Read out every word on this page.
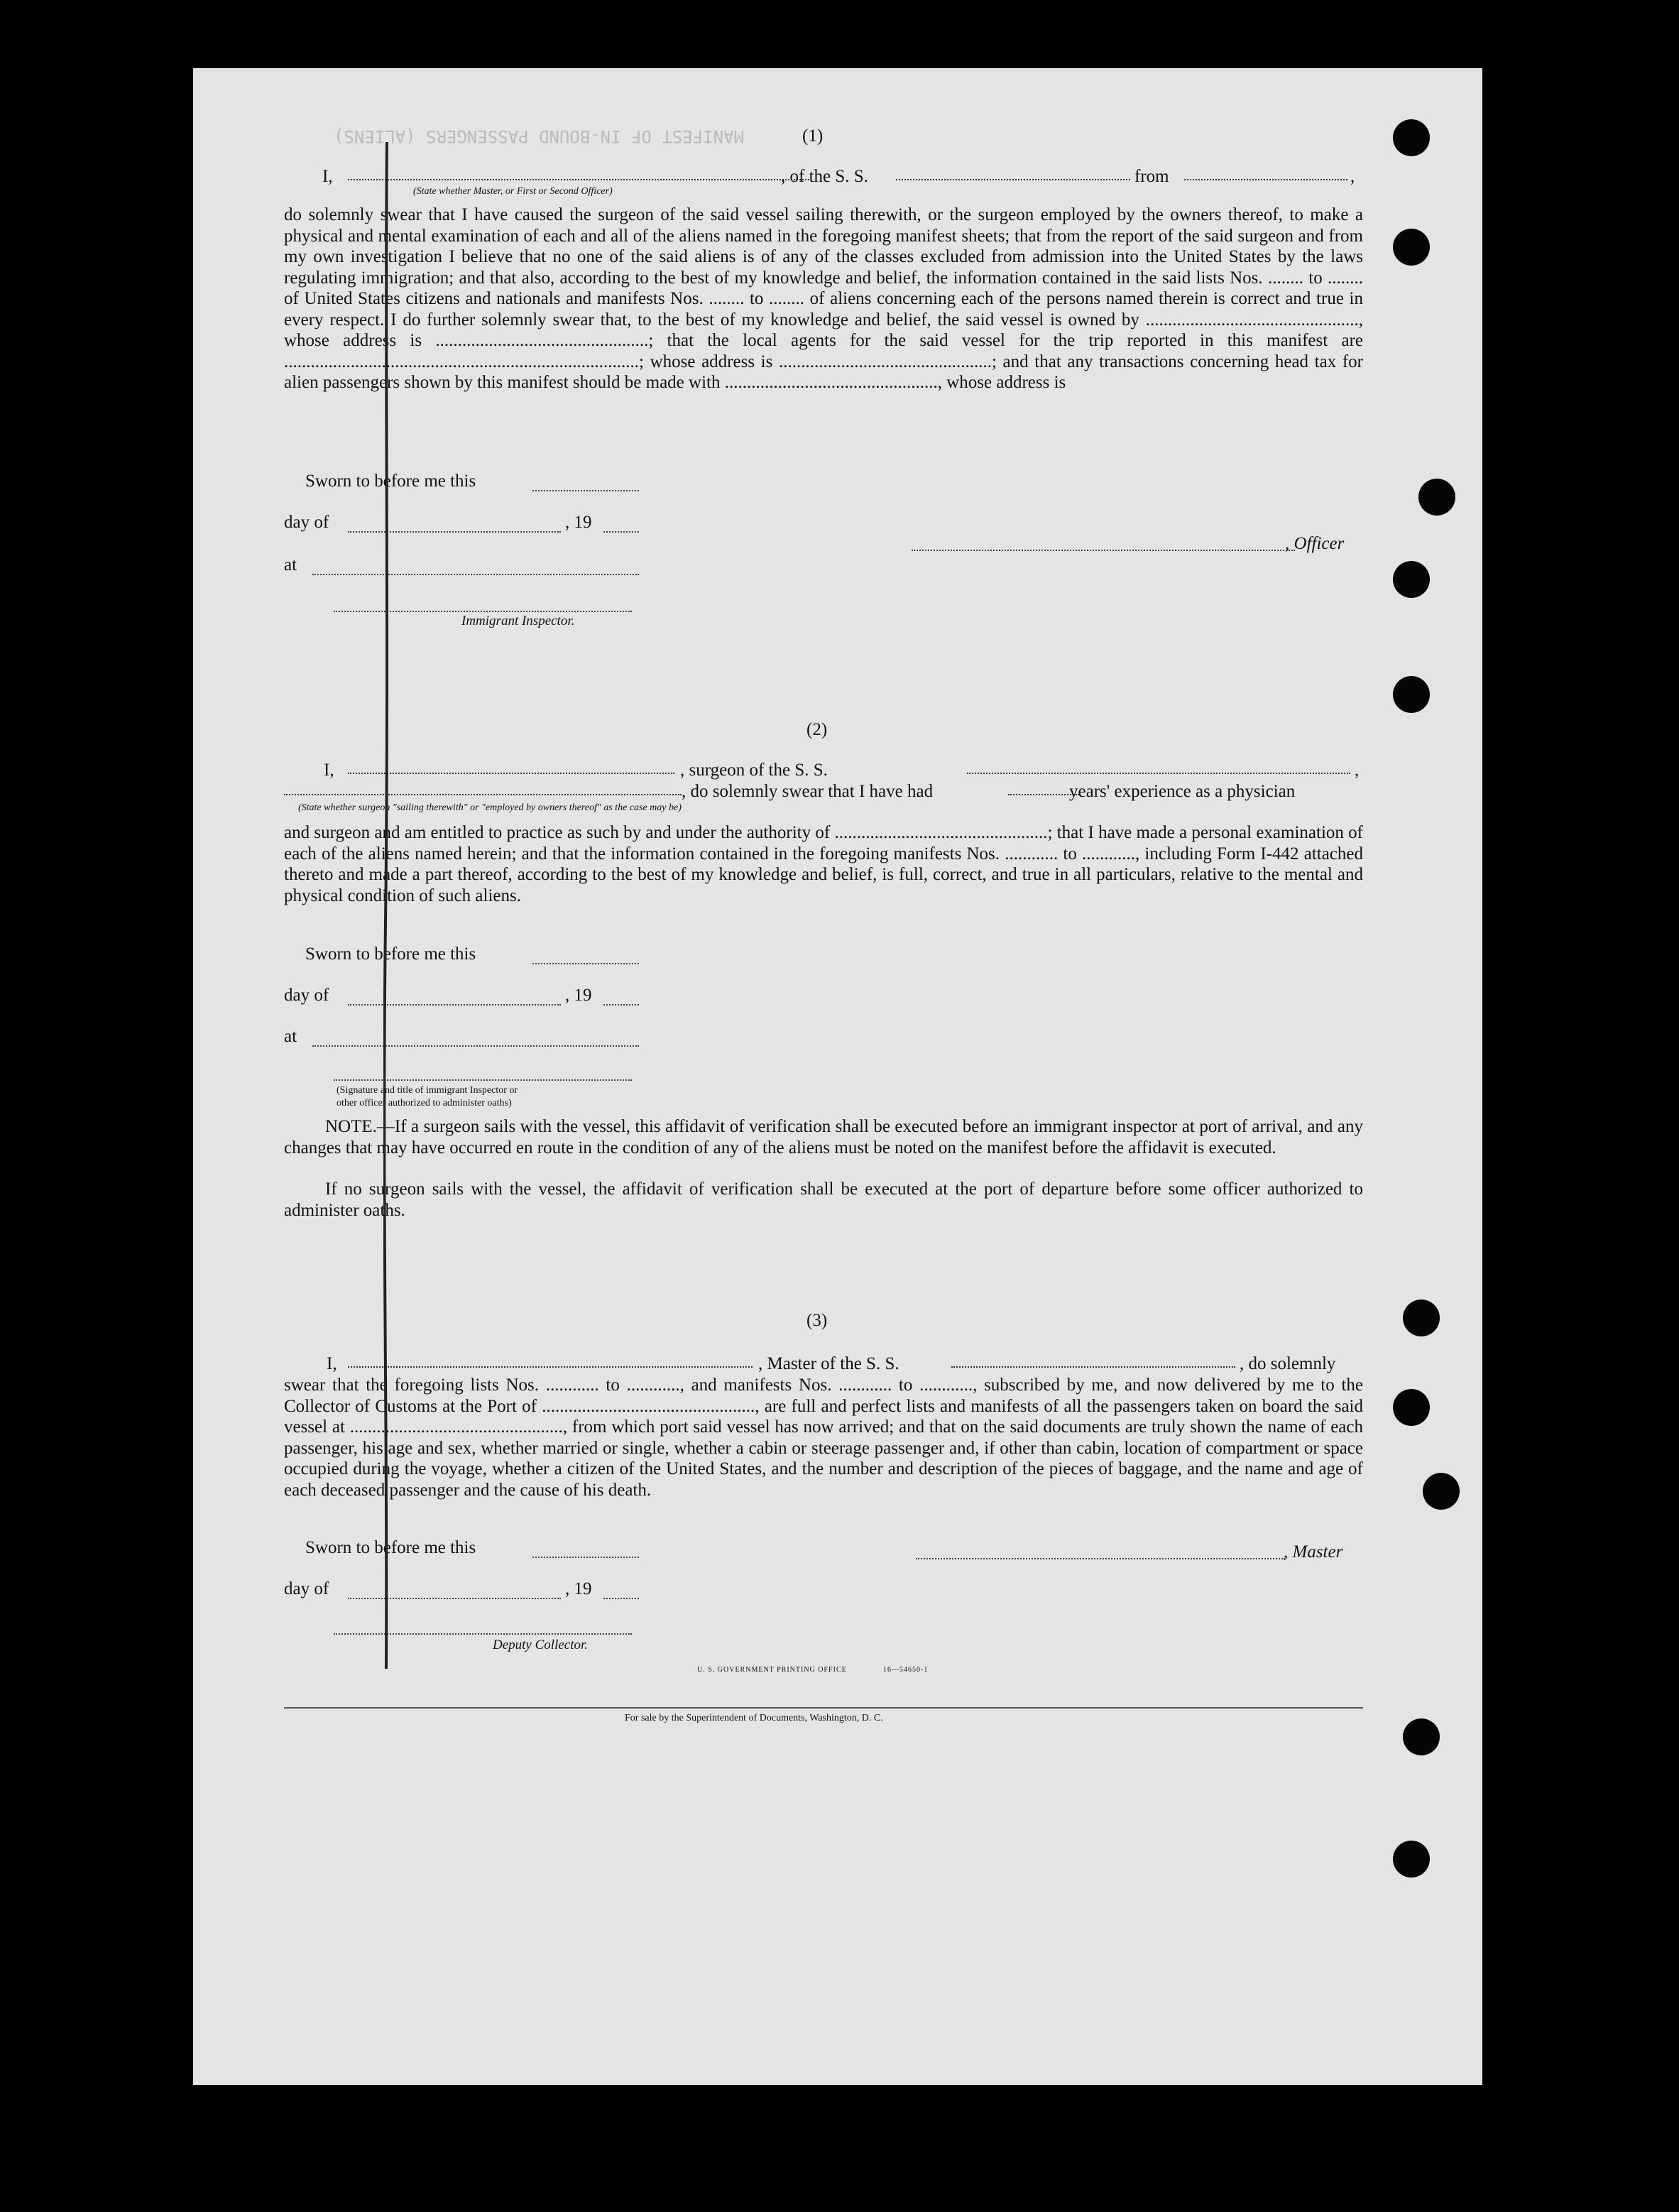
MANIFEST OF IN-BOUND PASSENGERS (ALIENS)	(1)
I,	, of the S. S.	from	,
(State whether Master, or First or Second Officer)
do solemnly swear that I have caused the surgeon of the said vessel sailing therewith, or the surgeon employed by the owners thereof, to make a physical and mental examination of each and all of the aliens named in the foregoing manifest sheets; that from the report of the said surgeon and from my own investigation I believe that no one of the said aliens is of any of the classes excluded from admission into the United States by the laws regulating immigration; and that also, according to the best of my knowledge and belief, the information contained in the said lists Nos. ........ to ........ of United States citizens and nationals and manifests Nos. ........ to ........ of aliens concerning each of the persons named therein is correct and true in every respect. I do further solemnly swear that, to the best of my knowledge and belief, the said vessel is owned by ................................................, whose address is ................................................; that the local agents for the said vessel for the trip reported in this manifest are ................................................................................; whose address is ................................................; and that any transactions concerning head tax for alien passengers shown by this manifest should be made with ................................................, whose address is
Sworn to before me this
day of	, 19
, Officer
at
Immigrant Inspector.
(2)
I,	, surgeon of the S. S.	,
, do solemnly swear that I have had	years' experience as a physician
(State whether surgeon "sailing therewith" or "employed by owners thereof" as the case may be)
and surgeon and am entitled to practice as such by and under the authority of ................................................; that I have made a personal examination of each of the aliens named herein; and that the information contained in the foregoing manifests Nos. ............ to ............, including Form I-442 attached thereto and made a part thereof, according to the best of my knowledge and belief, is full, correct, and true in all particulars, relative to the mental and physical condition of such aliens.
Sworn to before me this
day of	, 19
at
(Signature and title of immigrant Inspector or
other officer authorized to administer oaths)
NOTE.—If a surgeon sails with the vessel, this affidavit of verification shall be executed before an immigrant inspector at port of arrival, and any changes that may have occurred en route in the condition of any of the aliens must be noted on the manifest before the affidavit is executed.
If no surgeon sails with the vessel, the affidavit of verification shall be executed at the port of departure before some officer authorized to administer oaths.
(3)
I,	, Master of the S. S.	, do solemnly
swear that the foregoing lists Nos. ............ to ............, and manifests Nos. ............ to ............, subscribed by me, and now delivered by me to the Collector of Customs at the Port of ................................................, are full and perfect lists and manifests of all the passengers taken on board the said vessel at ................................................, from which port said vessel has now arrived; and that on the said documents are truly shown the name of each passenger, his age and sex, whether married or single, whether a cabin or steerage passenger and, if other than cabin, location of compartment or space occupied during the voyage, whether a citizen of the United States, and the number and description of the pieces of baggage, and the name and age of each deceased passenger and the cause of his death.
Sworn to before me this	, Master
day of	, 19
Deputy Collector.
U. S. GOVERNMENT PRINTING OFFICE	16—54650-1
For sale by the Superintendent of Documents, Washington, D. C.
